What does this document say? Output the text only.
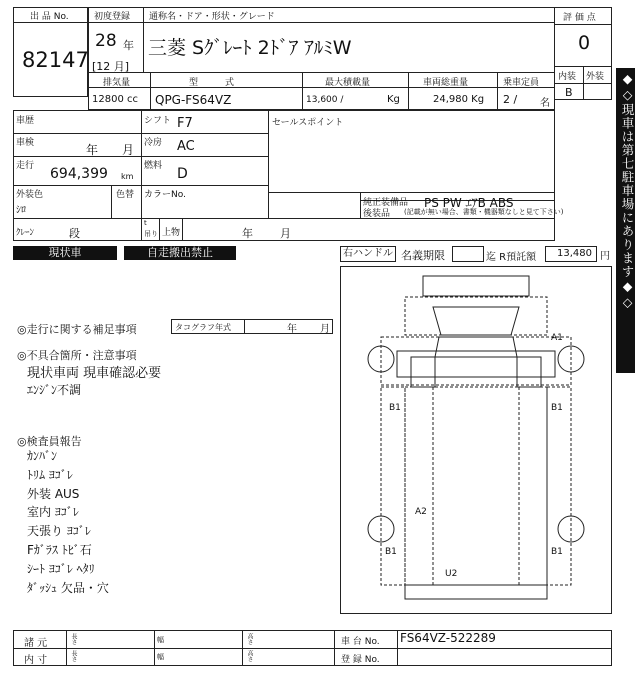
出 品 No.
82147
初度登録
28 年
[12 月]
通称名・ドア・形状・グレード
三菱 Sｸﾞﾚｰﾄ 2ﾄﾞｱ ｱﾙﾐW
評 価 点
0
内装 外装
B
排気量
12800 cc
型　　　式
QPG-FS64VZ
最大積載量
13,600 /	Kg
車両総重量
24,980 Kg
乗車定員
2 / 名
車歴	シフト F7
車検	年 月 冷房 AC
走行 694,399 km
燃料 D
外装色
ｼﾛ
色替 カラーNo.
セールスポイント
純正装備品 PS PW ｴｱB ABS
後装品 (記載が無い場合、書類・機器類なしと見て下さい)
ｸﾚｰﾝ	段
t
吊り 上物	年 月
現状車	自走搬出禁止	右ハンドル 名義期限	迄 R預託額	13,480 円
◎走行に関する補足事項	タコグラフ年式	年 月
◎不具合箇所・注意事項
現状車両 現車確認必要
ｴﾝｼﾞﾝ不調
◎検査員報告
ｶﾝﾊﾞﾝ
ﾄﾘﾑ ﾖｺﾞﾚ
外装 AUS
室内 ﾖｺﾞﾚ
天張り ﾖｺﾞﾚ
Fｶﾞﾗｽ ﾄﾋﾞ石
ｼｰﾄ ﾖｺﾞﾚ ﾍﾀﾘ
ﾀﾞｯｼｭ 欠品・穴
A1
B1	B1
A2
B1	B1
U2
◆◇現車は第七駐車場にあります◆◇
諸 元
内 寸
長さ	幅	高さ
長さ	幅	高さ
車 台 No. FS64VZ-522289
登 録 No.
